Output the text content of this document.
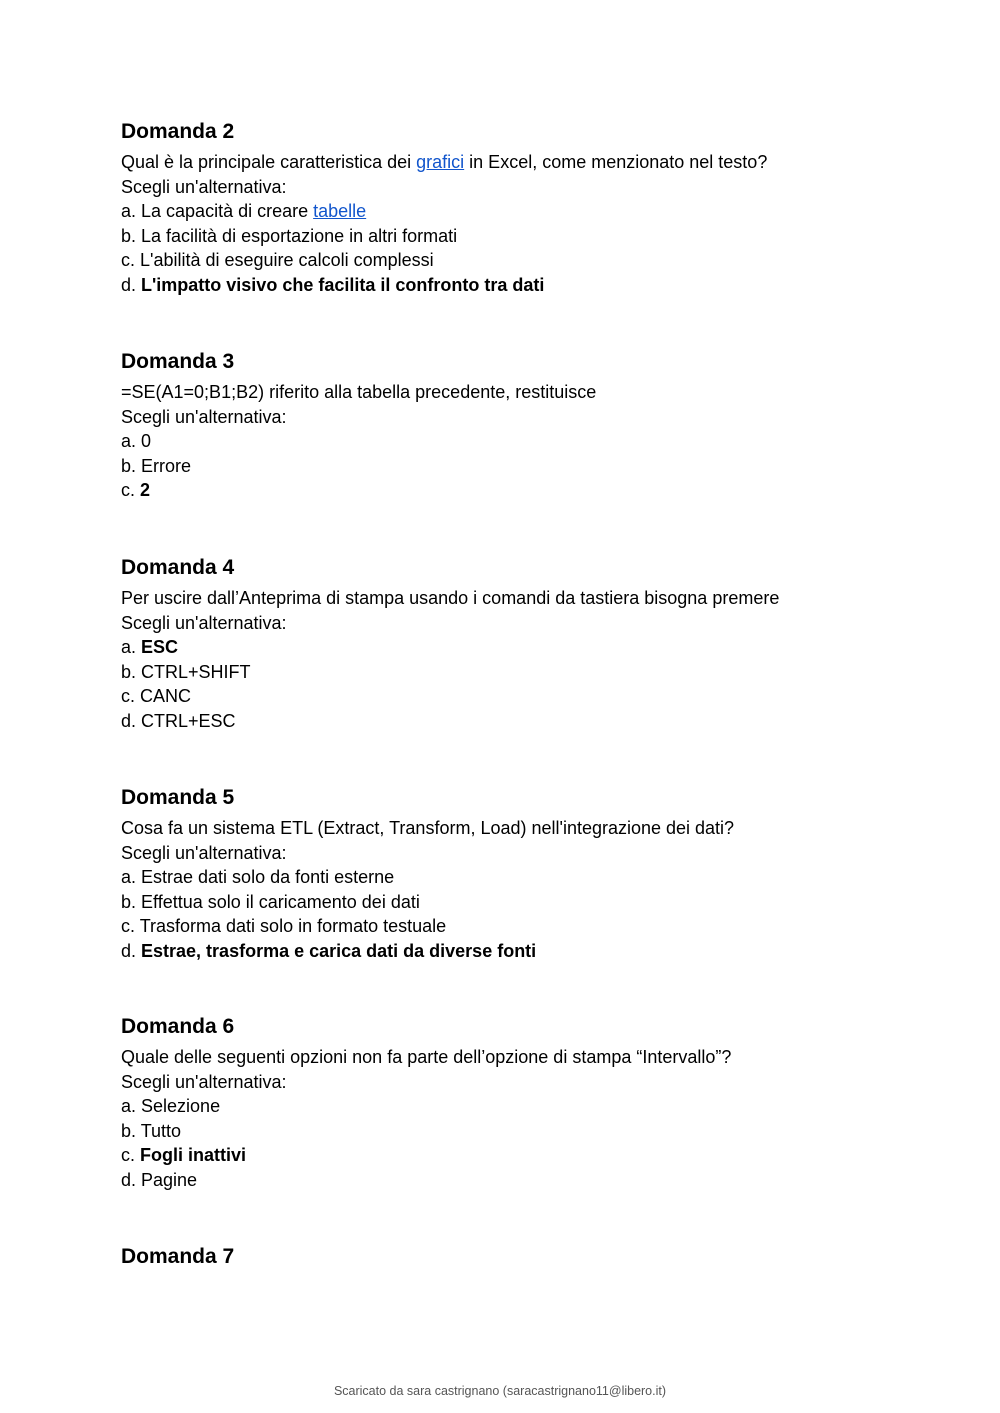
Domanda 2
Qual è la principale caratteristica dei grafici in Excel, come menzionato nel testo?
Scegli un'alternativa:
a. La capacità di creare tabelle
b. La facilità di esportazione in altri formati
c. L'abilità di eseguire calcoli complessi
d. L'impatto visivo che facilita il confronto tra dati
Domanda 3
=SE(A1=0;B1;B2) riferito alla tabella precedente, restituisce
Scegli un'alternativa:
a. 0
b. Errore
c. 2
Domanda 4
Per uscire dall’Anteprima di stampa usando i comandi da tastiera bisogna premere
Scegli un'alternativa:
a. ESC
b. CTRL+SHIFT
c. CANC
d. CTRL+ESC
Domanda 5
Cosa fa un sistema ETL (Extract, Transform, Load) nell'integrazione dei dati?
Scegli un'alternativa:
a. Estrae dati solo da fonti esterne
b. Effettua solo il caricamento dei dati
c. Trasforma dati solo in formato testuale
d. Estrae, trasforma e carica dati da diverse fonti
Domanda 6
Quale delle seguenti opzioni non fa parte dell’opzione di stampa “Intervallo”?
Scegli un'alternativa:
a. Selezione
b. Tutto
c. Fogli inattivi
d. Pagine
Domanda 7
Scaricato da sara castrignano (saracastrignano11@libero.it)
